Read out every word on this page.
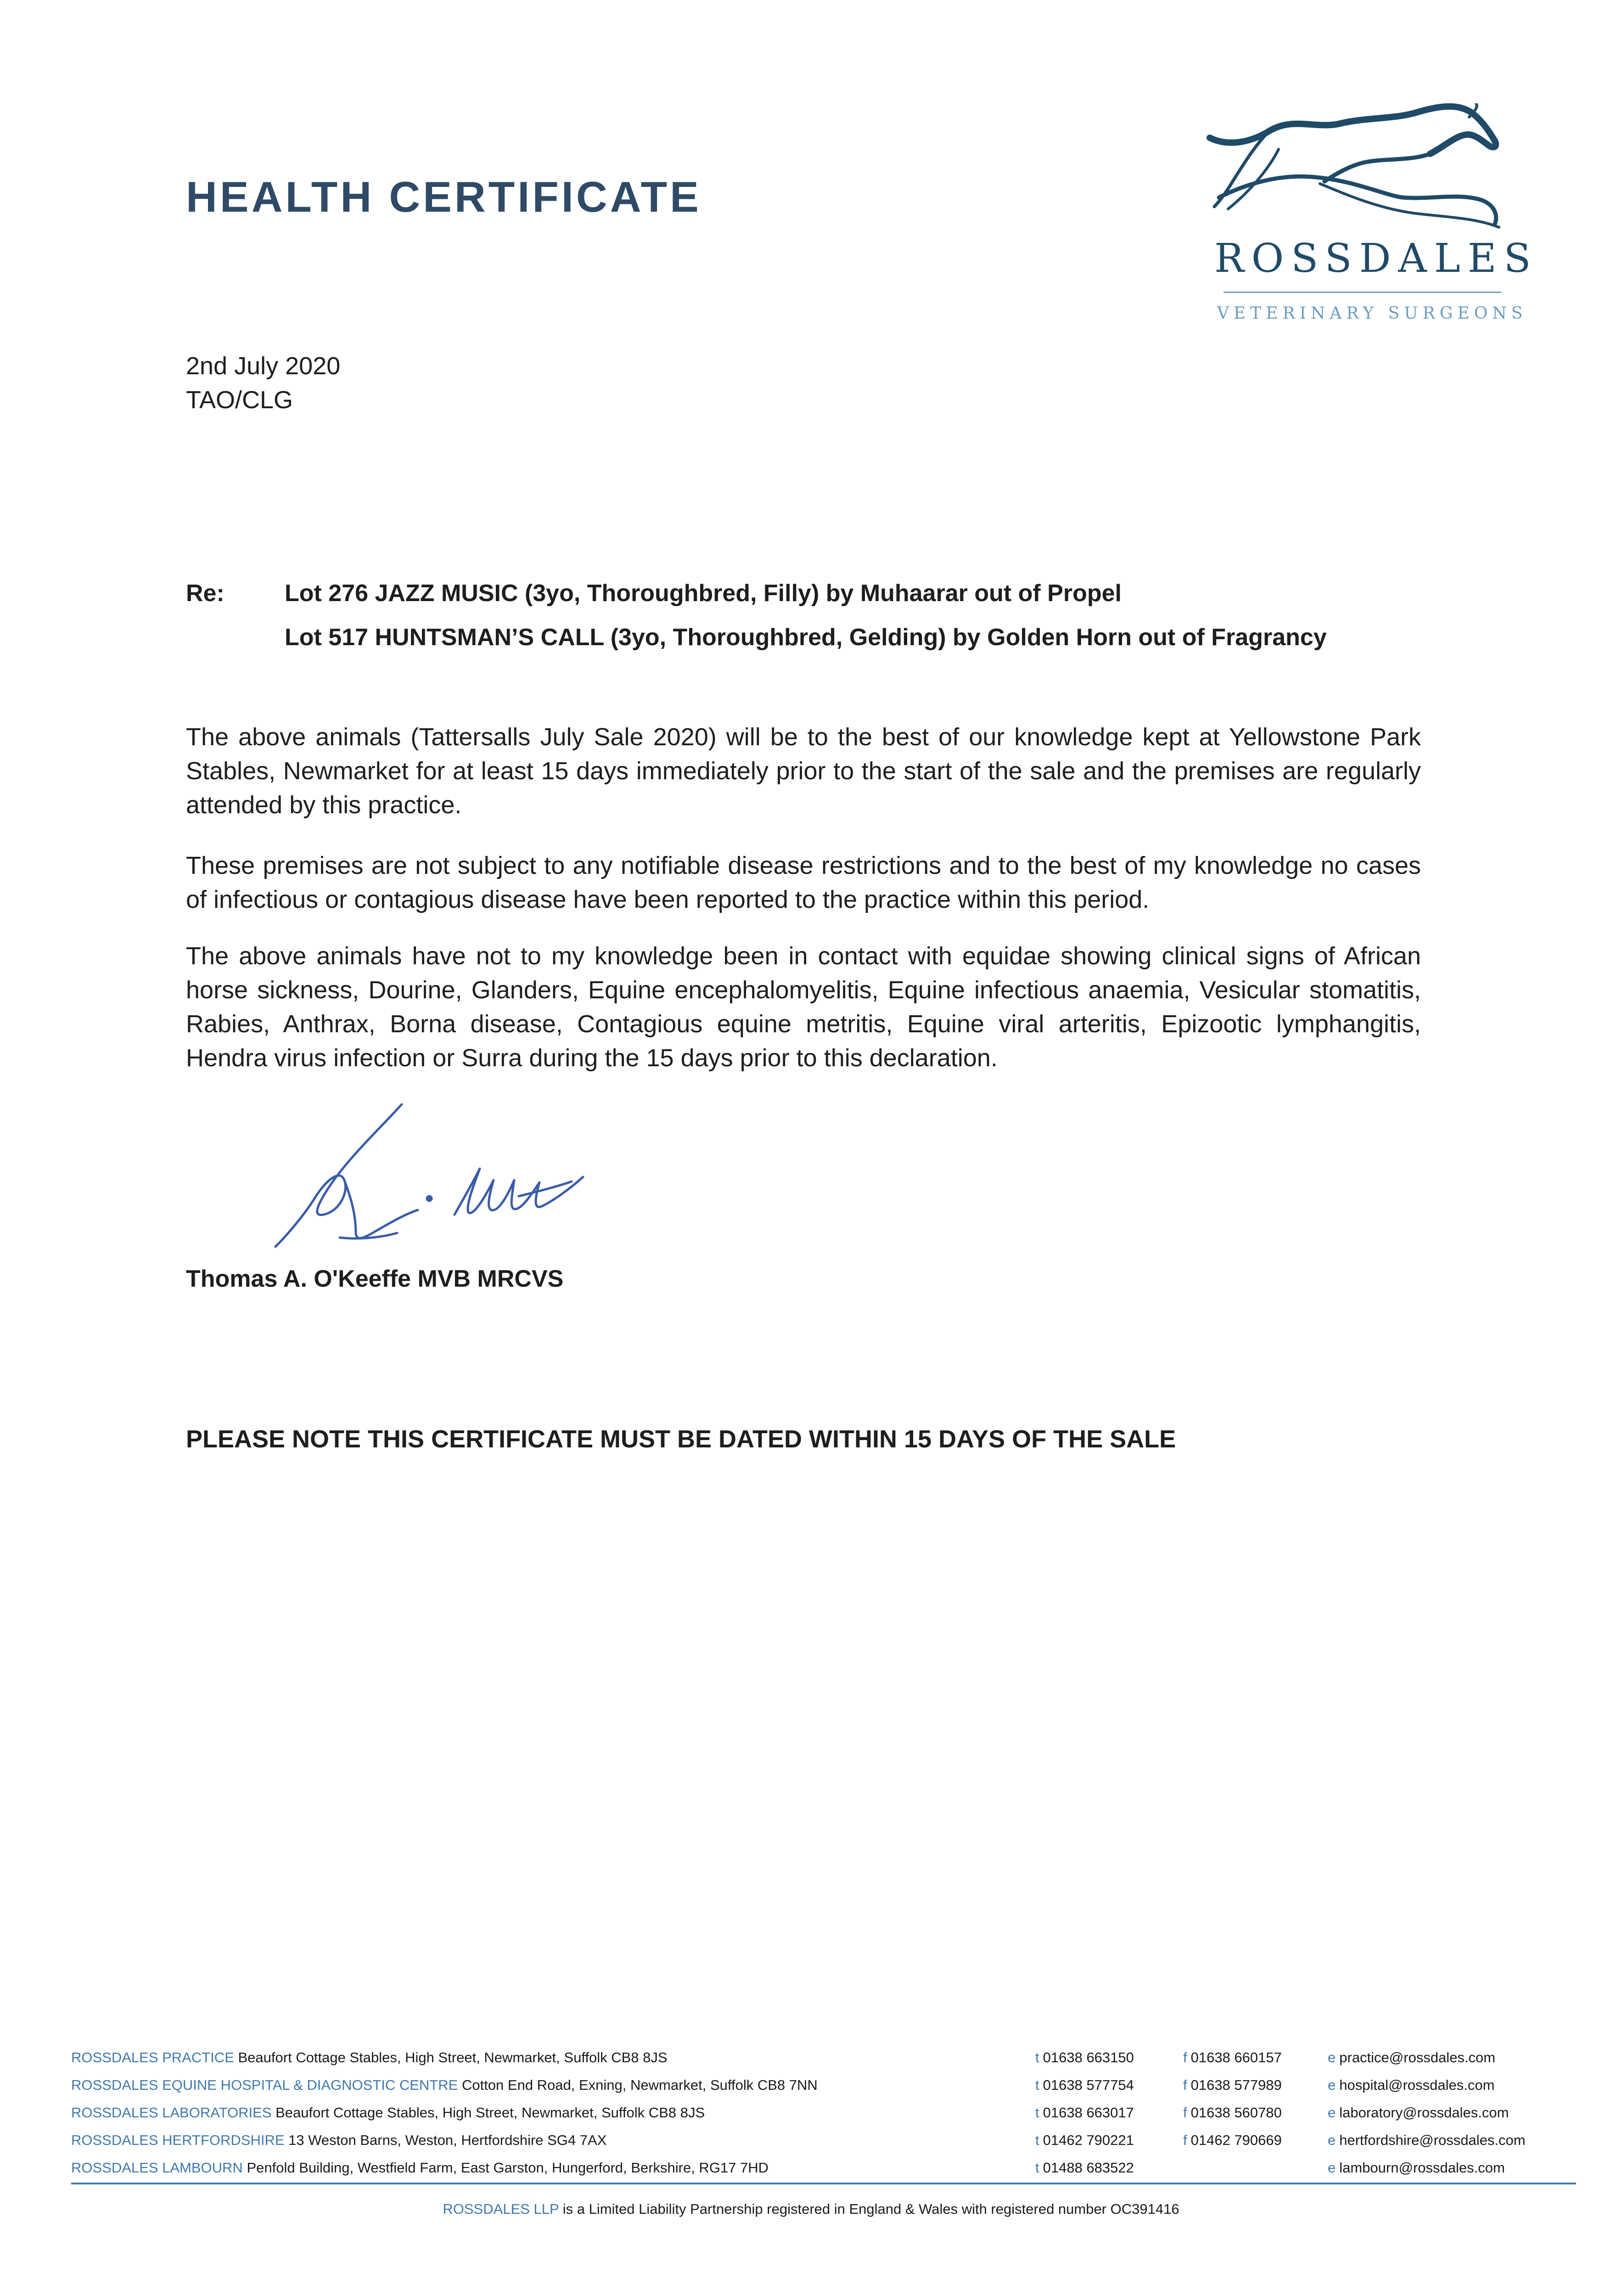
HEALTH CERTIFICATE
ROSSDALES
VETERINARY SURGEONS
2nd July 2020
TAO/CLG
Re:	Lot 276 JAZZ MUSIC (3yo, Thoroughbred, Filly) by Muhaarar out of Propel
Lot 517 HUNTSMAN’S CALL (3yo, Thoroughbred, Gelding) by Golden Horn out of Fragrancy
The above animals (Tattersalls July Sale 2020) will be to the best of our knowledge kept at Yellowstone Park Stables, Newmarket for at least 15 days immediately prior to the start of the sale and the premises are regularly attended by this practice.
These premises are not subject to any notifiable disease restrictions and to the best of my knowledge no cases of infectious or contagious disease have been reported to the practice within this period.
The above animals have not to my knowledge been in contact with equidae showing clinical signs of African horse sickness, Dourine, Glanders, Equine encephalomyelitis, Equine infectious anaemia, Vesicular stomatitis, Rabies, Anthrax, Borna disease, Contagious equine metritis, Equine viral arteritis, Epizootic lymphangitis, Hendra virus infection or Surra during the 15 days prior to this declaration.
Thomas A. O'Keeffe MVB MRCVS
PLEASE NOTE THIS CERTIFICATE MUST BE DATED WITHIN 15 DAYS OF THE SALE
ROSSDALES PRACTICE Beaufort Cottage Stables, High Street, Newmarket, Suffolk CB8 8JS	t 01638 663150	f 01638 660157	e practice@rossdales.com
ROSSDALES EQUINE HOSPITAL & DIAGNOSTIC CENTRE Cotton End Road, Exning, Newmarket, Suffolk CB8 7NN	t 01638 577754	f 01638 577989	e hospital@rossdales.com
ROSSDALES LABORATORIES Beaufort Cottage Stables, High Street, Newmarket, Suffolk CB8 8JS	t 01638 663017	f 01638 560780	e laboratory@rossdales.com
ROSSDALES HERTFORDSHIRE 13 Weston Barns, Weston, Hertfordshire SG4 7AX	t 01462 790221	f 01462 790669	e hertfordshire@rossdales.com
ROSSDALES LAMBOURN Penfold Building, Westfield Farm, East Garston, Hungerford, Berkshire, RG17 7HD	t 01488 683522	e lambourn@rossdales.com
ROSSDALES LLP is a Limited Liability Partnership registered in England & Wales with registered number OC391416
